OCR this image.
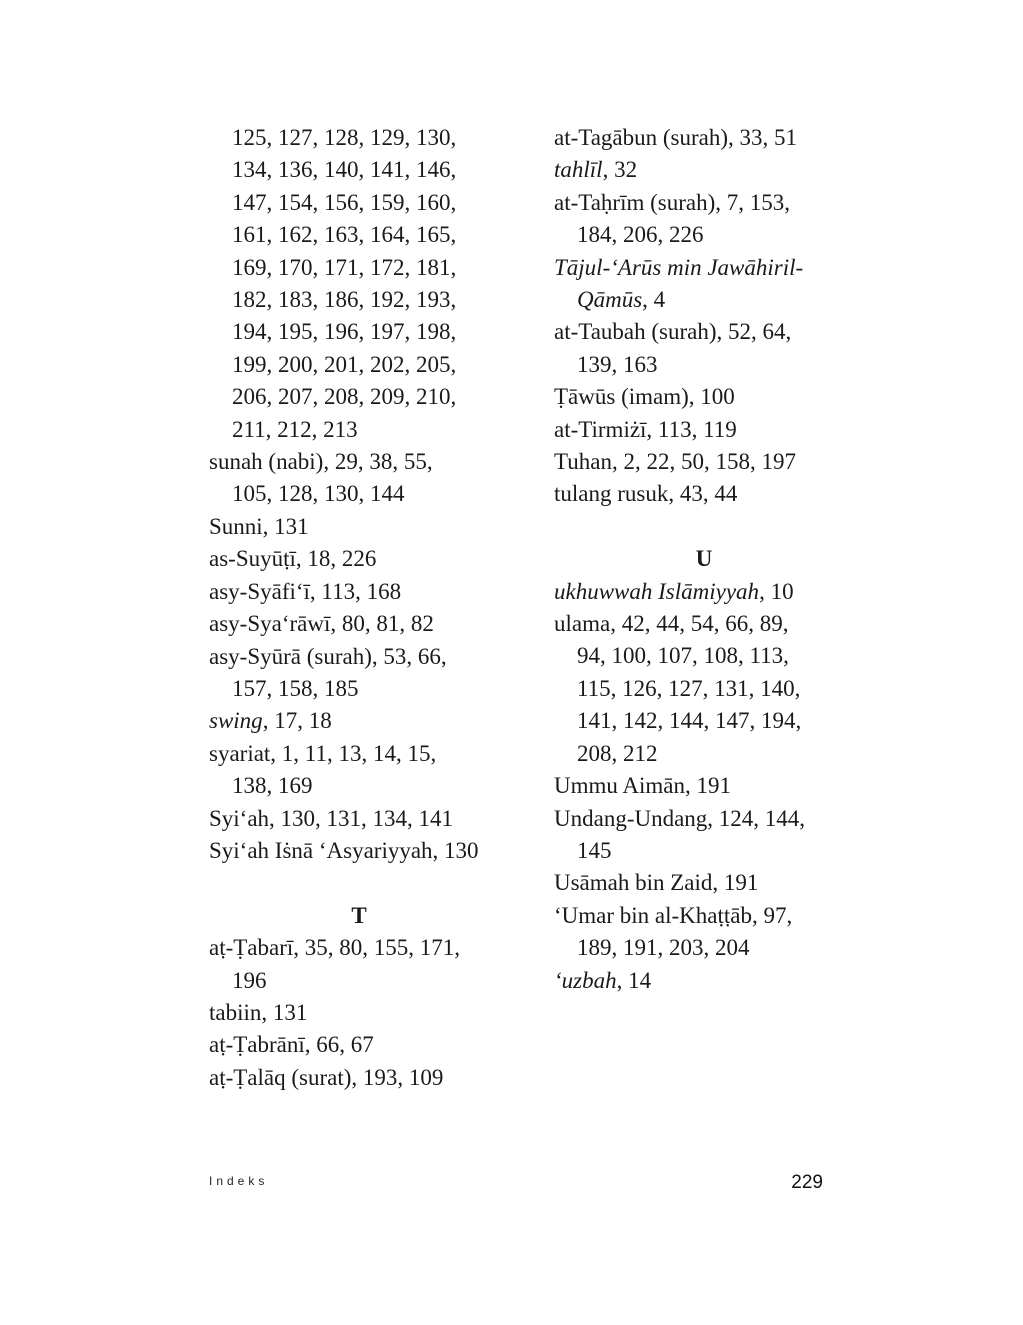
125, 127, 128, 129, 130,
134, 136, 140, 141, 146,
147, 154, 156, 159, 160,
161, 162, 163, 164, 165,
169, 170, 171, 172, 181,
182, 183, 186, 192, 193,
194, 195, 196, 197, 198,
199, 200, 201, 202, 205,
206, 207, 208, 209, 210,
211, 212, 213
sunah (nabi), 29, 38, 55,
105, 128, 130, 144
Sunni, 131
as-Suyūṭī, 18, 226
asy-Syāfiʻī, 113, 168
asy-Syaʻrāwī, 80, 81, 82
asy-Syūrā (surah), 53, 66,
157, 158, 185
swing, 17, 18
syariat, 1, 11, 13, 14, 15,
138, 169
Syiʻah, 130, 131, 134, 141
Syiʻah Iṡnā ʻAsyariyyah, 130
T
aṭ-Ṭabarī, 35, 80, 155, 171,
196
tabiin, 131
aṭ-Ṭabrānī, 66, 67
aṭ-Ṭalāq (surat), 193, 109
at-Tagābun (surah), 33, 51
tahlīl, 32
at-Taḥrīm (surah), 7, 153,
184, 206, 226
Tājul-ʻArūs min Jawāhiril-
Qāmūs, 4
at-Taubah (surah), 52, 64,
139, 163
Ṭāwūs (imam), 100
at-Tirmiżī, 113, 119
Tuhan, 2, 22, 50, 158, 197
tulang rusuk, 43, 44
U
ukhuwwah Islāmiyyah, 10
ulama, 42, 44, 54, 66, 89,
94, 100, 107, 108, 113,
115, 126, 127, 131, 140,
141, 142, 144, 147, 194,
208, 212
Ummu Aimān, 191
Undang-Undang, 124, 144,
145
Usāmah bin Zaid, 191
ʻUmar bin al-Khaṭṭāb, 97,
189, 191, 203, 204
ʻuzbah, 14
Indeks	229
